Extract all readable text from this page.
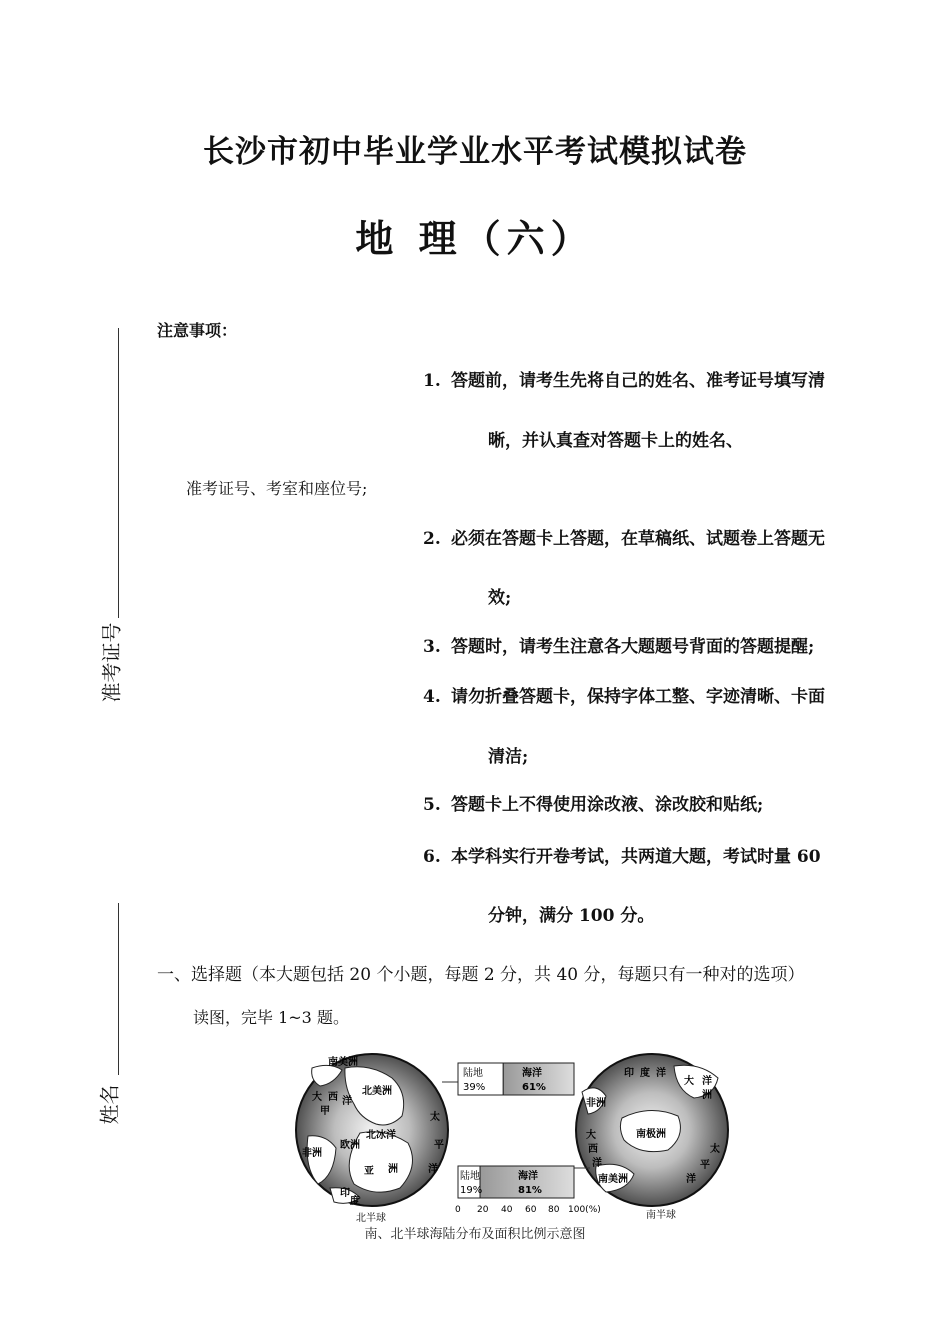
长沙市初中毕业学业水平考试模拟试卷
地 理（六）
准考证号
姓名
注意事项：
1. 答题前，请考生先将自己的姓名、准考证号填写清
晰，并认真查对答题卡上的姓名、
准考证号、考室和座位号;
2. 必须在答题卡上答题，在草稿纸、试题卷上答题无
效;
3. 答题时，请考生注意各大题题号背面的答题提醒;
4. 请勿折叠答题卡，保持字体工整、字迹清晰、卡面
清洁;
5. 答题卡上不得使用涂改液、涂改胶和贴纸;
6. 本学科实行开卷考试，共两道大题，考试时量 60
分钟，满分 100 分。
一、选择题（本大题包括 20 个小题，每题 2 分，共 40 分，每题只有一种对的选项）
读图，完毕 1~3 题。
陆地
39%
海洋
61%
陆地
19%
海洋
81%
0 20 40 60 80 100(%)
南美洲
北美洲
大 西 洋
甲
欧洲
北冰洋
非洲
亚 洲
太
平
洋
印
度
印 度 洋
大 洋
洲
非洲
南极洲
大
西
洋
太
平
洋
南美洲
北半球	南半球
南、北半球海陆分布及面积比例示意图
